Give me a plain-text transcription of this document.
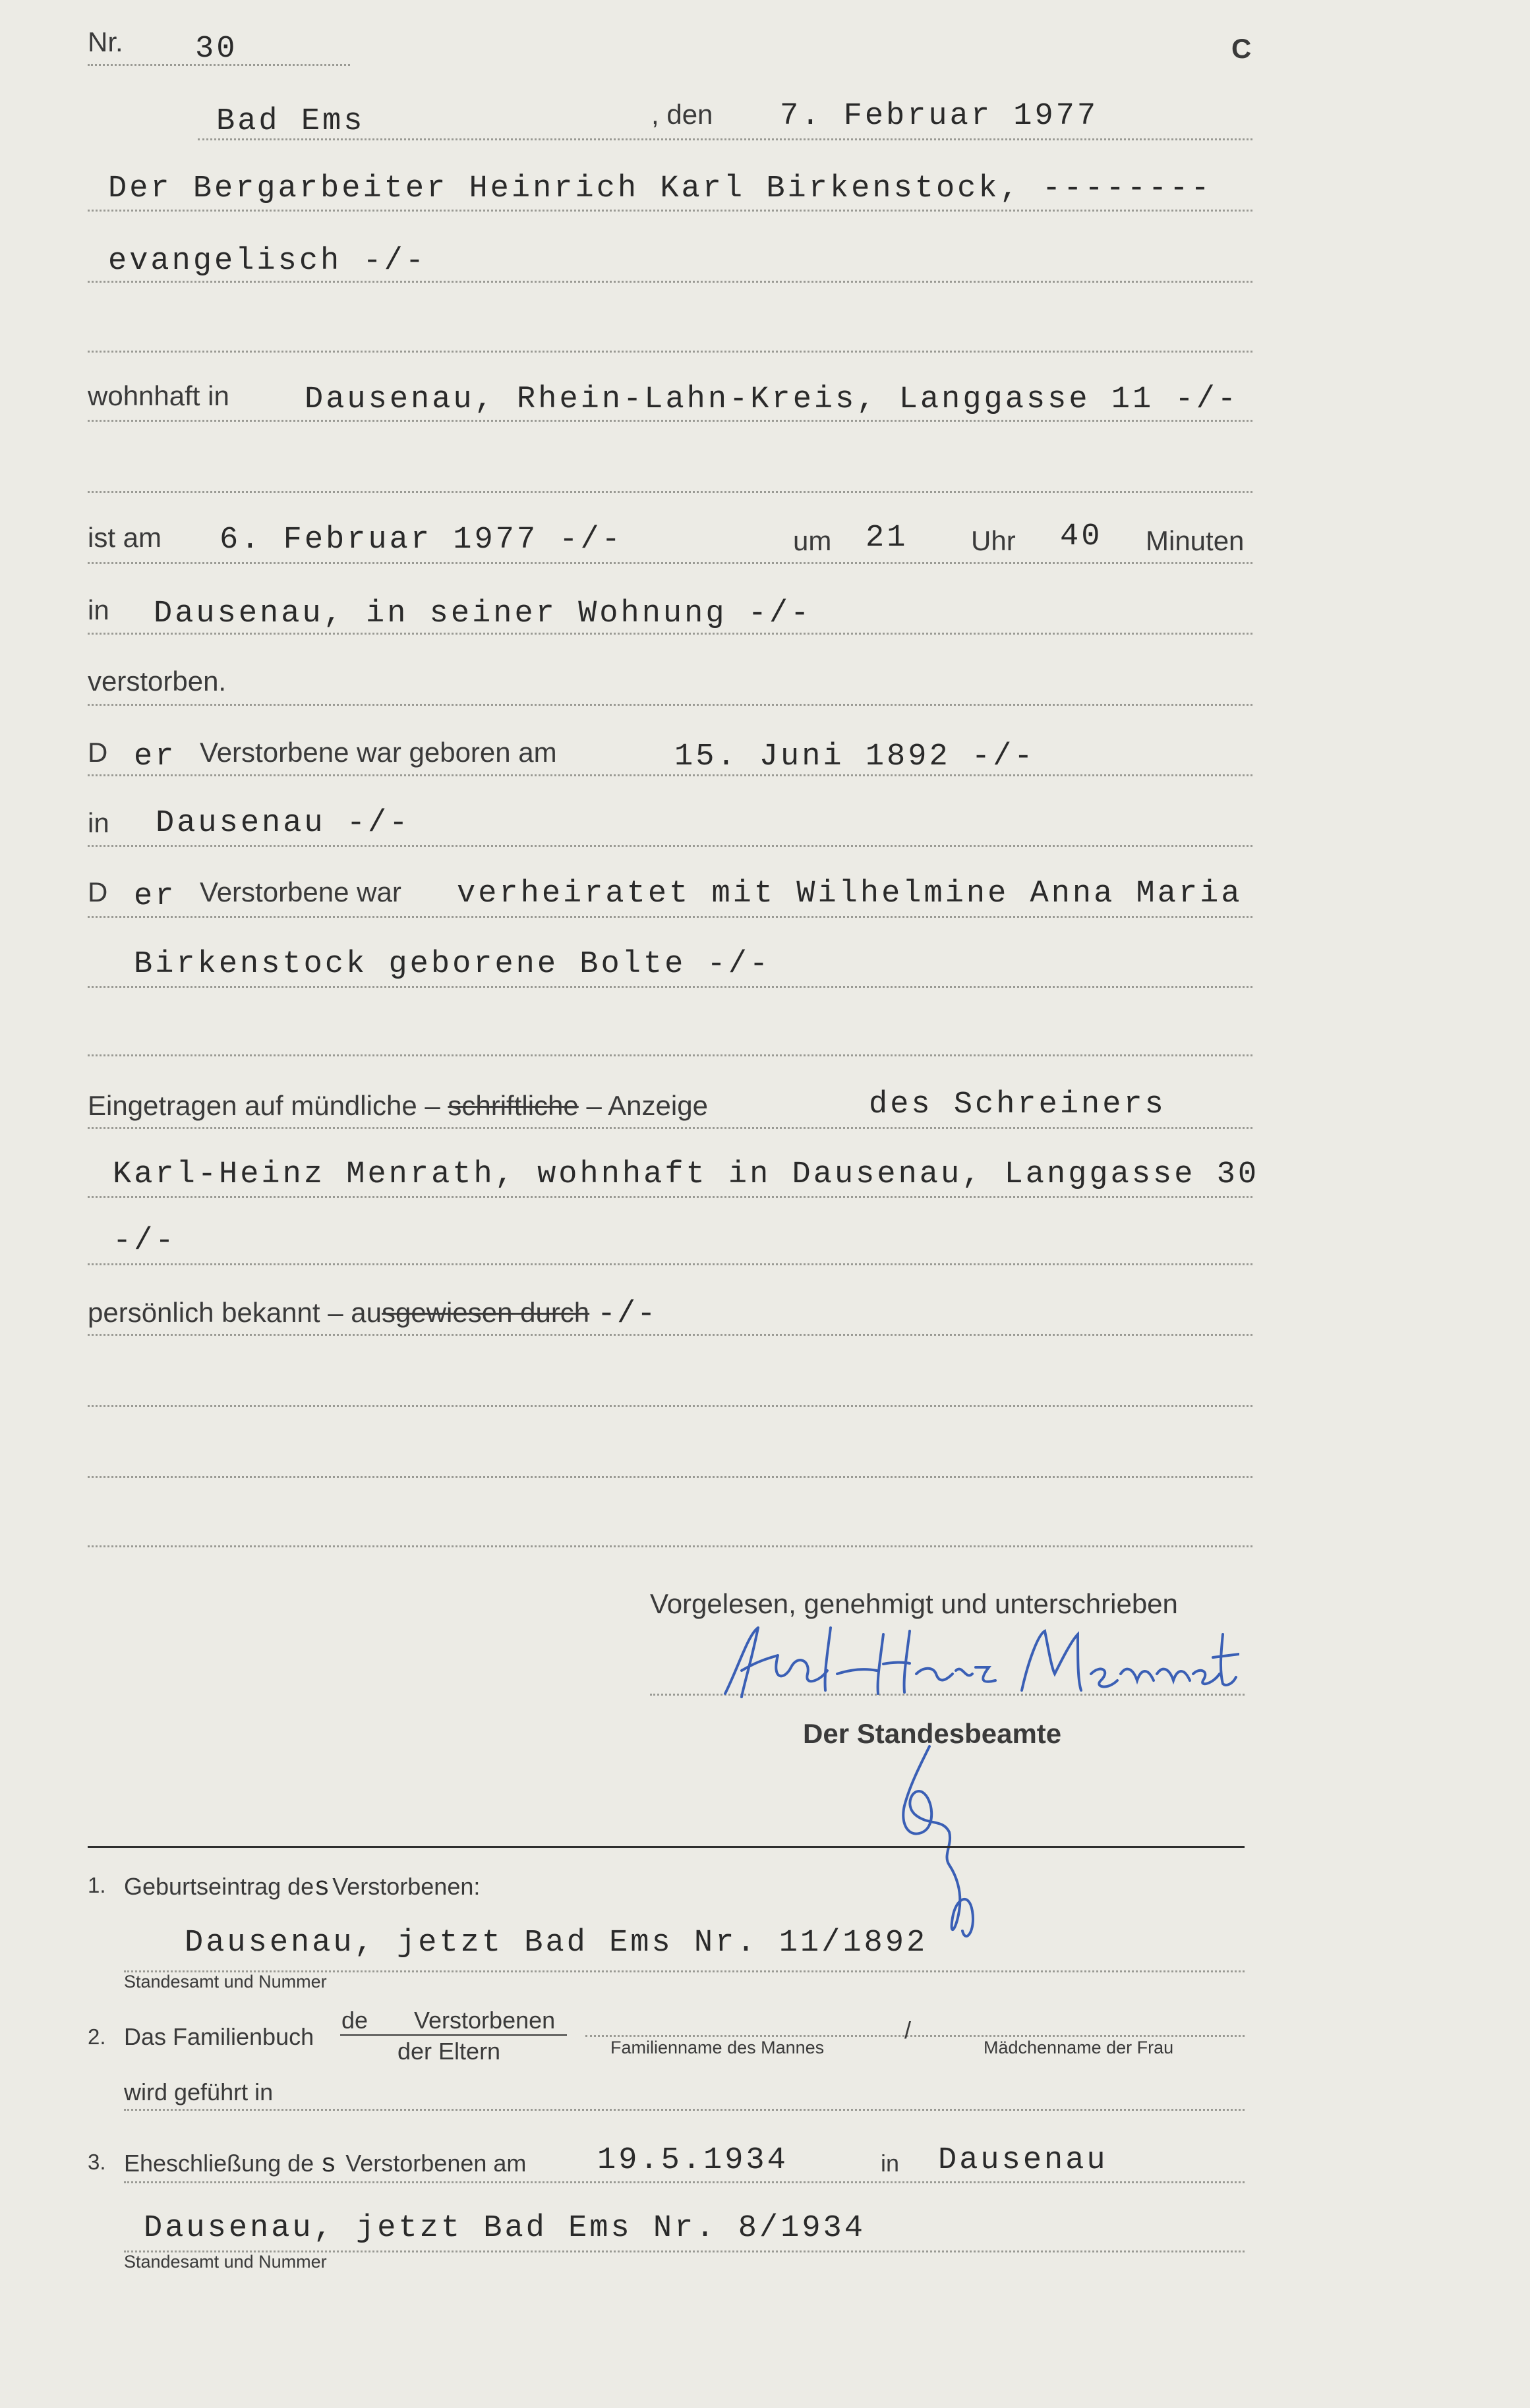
Nr. 30	C
Bad Ems	, den 7. Februar 1977
Der Bergarbeiter Heinrich Karl Birkenstock, --------
evangelisch -/-
wohnhaft in Dausenau, Rhein-Lahn-Kreis, Langgasse 11 -/-
ist am 6. Februar 1977 -/-	um 21 Uhr 40 Minuten
in Dausenau, in seiner Wohnung -/-
verstorben.
D er Verstorbene war geboren am	15. Juni 1892 -/-
in Dausenau -/-
D er Verstorbene war verheiratet mit Wilhelmine Anna Maria
Birkenstock geborene Bolte -/-
Eingetragen auf mündliche – schriftliche – Anzeige	des Schreiners
Karl-Heinz Menrath, wohnhaft in Dausenau, Langgasse 30
-/-
persönlich bekannt – ausgewiesen durch -/-
Vorgelesen, genehmigt und unterschrieben
Der Standesbeamte
1. Geburtseintrag desVerstorbenen:
Dausenau, jetzt Bad Ems Nr. 11/1892
Standesamt und Nummer
2. Das Familienbuch
de Verstorbenen
der Eltern	Familienname des Mannes
/
Mädchenname der Frau
wird geführt in
3. Eheschließung de s Verstorbenen am 19.5.1934	in Dausenau
Dausenau, jetzt Bad Ems Nr. 8/1934
Standesamt und Nummer
